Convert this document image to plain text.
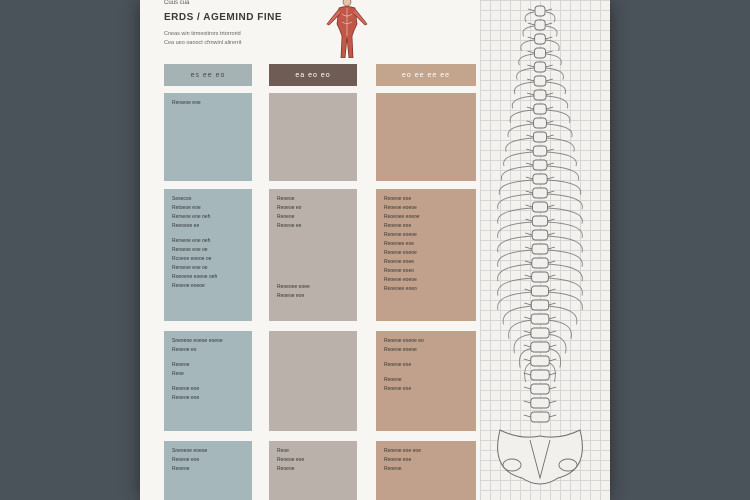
Cuus cua
ERDS / AGEMIND FINE
Cneas win tirmestirors trtorrorid
Cea ueo oanoct cfrnwinl alirerrit
es ee eo	ea eo eo	eo ee ee ee
Rerseoe eoe
Sesecoo
Retoeoe eoe
Rerseoe eoe oeh
Reeoeoe ee
Rerseoe eoe oeh
Rerseoe eoe oe
Rcoeoe eoeoe oe
Rerseoe eoe oe
Roeoeoe eoeoe oeh
Reoeoe eoeoe
Reoeoe
Reoeoe eo
Reoeoe
Reoeoe ee
Reoeoee eoee
Reoeoe eoe
Reoeoe eoe
Reoeoe eoeoe
Reoeoee eoeoe
Reoeoe eoe
Reoeoe eoeoe
Reoeoee eoe
Reoeoe eoeoe
Reoeoe eoee
Reoeoe eoeo
Reoeoe eoeoe
Reoeoee eoeo
Sneoeoe eoeoe eoeoe
Reoeoe eo
Reoeoe
Reoe
Reoeoe eoe
Reoeoe eoe
Reoeoe eoeoe eo
Reoeoe eoeoe
Reoeoe eoe
Reoeoe
Reoeoe eoe
Sneoeoe eoeoe
Reoeoe eoe
Reoeoe
Reoe
Reoeoe eoe
Reoeoe
Reoeoe eoe eoe
Reoeoe eoe
Reoeoe
